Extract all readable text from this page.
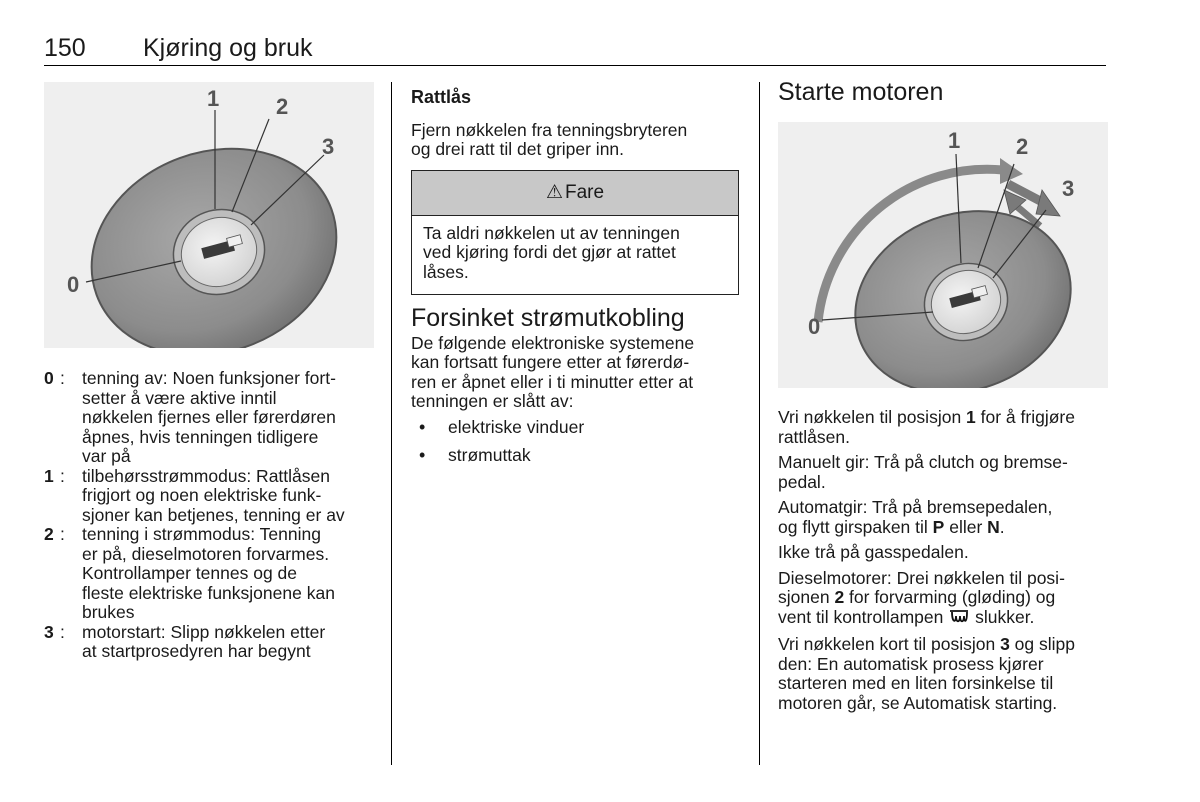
150 Kjøring og bruk
1	2
3
0
0 : tenning av: Noen funksjoner fort-
setter å være aktive inntil
nøkkelen fjernes eller førerdøren
åpnes, hvis tenningen tidligere
var på
1 : tilbehørsstrømmodus: Rattlåsen
frigjort og noen elektriske funk-
sjoner kan betjenes, tenning er av
2 : tenning i strømmodus: Tenning
er på, dieselmotoren forvarmes.
Kontrollamper tennes og de
fleste elektriske funksjonene kan
brukes
3 : motorstart: Slipp nøkkelen etter
at startprosedyren har begynt
Rattlås

Fjern nøkkelen fra tenningsbryteren
og drei ratt til det griper inn.

⚠ Fare
Ta aldri nøkkelen ut av tenningen
ved kjøring fordi det gjør at rattet
låses.
Forsinket strømutkobling

De følgende elektroniske systemene
kan fortsatt fungere etter at førerdø-
ren er åpnet eller i ti minutter etter at
tenningen er slått av:

• elektriske vinduer
• strømuttak
Starte motoren
1	2
3
0

Vri nøkkelen til posisjon 1 for å frigjøre
rattlåsen.

Manuelt gir: Trå på clutch og bremse-
pedal.

Automatgir: Trå på bremsepedalen,
og flytt girspaken til P eller N.

Ikke trå på gasspedalen.

Dieselmotorer: Drei nøkkelen til posi-
sjonen 2 for forvarming (gløding) og
vent til kontrollampen  slukker.

Vri nøkkelen kort til posisjon 3 og slipp
den: En automatisk prosess kjører
starteren med en liten forsinkelse til
motoren går, se Automatisk starting.
